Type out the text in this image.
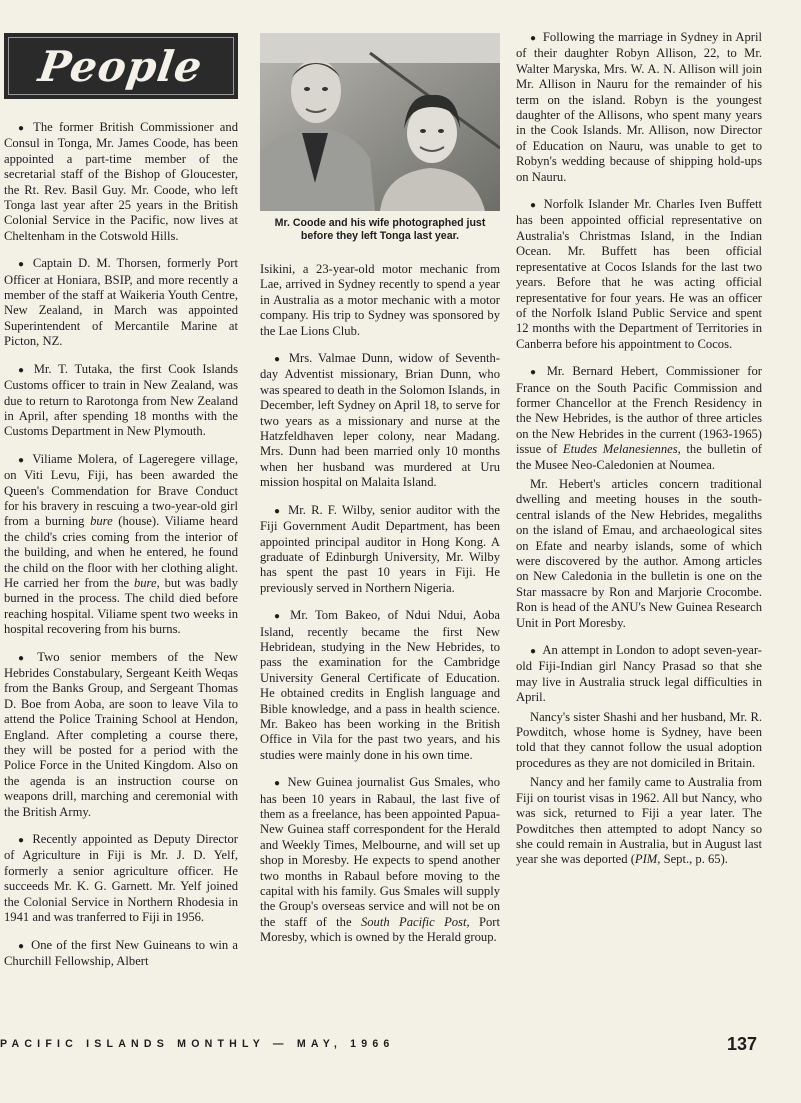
People
Mr. Coode and his wife photographed just before they left Tonga last year.

● The former British Commissioner and Consul in Tonga, Mr. James Coode, has been appointed a part-time member of the secretarial staff of the Bishop of Gloucester, the Rt. Rev. Basil Guy. Mr. Coode, who left Tonga last year after 25 years in the British Colonial Service in the Pacific, now lives at Cheltenham in the Cotswold Hills.

● Captain D. M. Thorsen, formerly Port Officer at Honiara, BSIP, and more recently a member of the staff at Waikeria Youth Centre, New Zealand, in March was appointed Superintendent of Mercantile Marine at Picton, NZ.

● Mr. T. Tutaka, the first Cook Islands Customs officer to train in New Zealand, was due to return to Rarotonga from New Zealand in April, after spending 18 months with the Customs Department in New Plymouth.

● Viliame Molera, of Lageregere village, on Viti Levu, Fiji, has been awarded the Queen's Commendation for Brave Conduct for his bravery in rescuing a two-year-old girl from a burning bure (house). Viliame heard the child's cries coming from the interior of the building, and when he entered, he found the child on the floor with her clothing alight. He carried her from the bure, but was badly burned in the process. The child died before reaching hospital. Viliame spent two weeks in hospital recovering from his burns.

● Two senior members of the New Hebrides Constabulary, Sergeant Keith Weqas from the Banks Group, and Sergeant Thomas D. Boe from Aoba, are soon to leave Vila to attend the Police Training School at Hendon, England. After completing a course there, they will be posted for a period with the Police Force in the United Kingdom. Also on the agenda is an instruction course on weapons drill, marching and ceremonial with the British Army.

● Recently appointed as Deputy Director of Agriculture in Fiji is Mr. J. D. Yelf, formerly a senior agriculture officer. He succeeds Mr. K. G. Garnett. Mr. Yelf joined the Colonial Service in Northern Rhodesia in 1941 and was tranferred to Fiji in 1956.

● One of the first New Guineans to win a Churchill Fellowship, Albert

Isikini, a 23-year-old motor mechanic from Lae, arrived in Sydney recently to spend a year in Australia as a motor mechanic with a motor company. His trip to Sydney was sponsored by the Lae Lions Club.

● Mrs. Valmae Dunn, widow of Seventh-day Adventist missionary, Brian Dunn, who was speared to death in the Solomon Islands, in December, left Sydney on April 18, to serve for two years as a missionary and nurse at the Hatzfeldhaven leper colony, near Madang. Mrs. Dunn had been married only 10 months when her husband was murdered at Uru mission hospital on Malaita Island.

● Mr. R. F. Wilby, senior auditor with the Fiji Government Audit Department, has been appointed principal auditor in Hong Kong. A graduate of Edinburgh University, Mr. Wilby has spent the past 10 years in Fiji. He previously served in Northern Nigeria.

● Mr. Tom Bakeo, of Ndui Ndui, Aoba Island, recently became the first New Hebridean, studying in the New Hebrides, to pass the examination for the Cambridge University General Certificate of Education. He obtained credits in English language and Bible knowledge, and a pass in health science. Mr. Bakeo has been working in the British Office in Vila for the past two years, and his studies were mainly done in his own time.

● New Guinea journalist Gus Smales, who has been 10 years in Rabaul, the last five of them as a freelance, has been appointed Papua-New Guinea staff correspondent for the Herald and Weekly Times, Melbourne, and will set up shop in Moresby. He expects to spend another two months in Rabaul before moving to the capital with his family. Gus Smales will supply the Group's overseas service and will not be on the staff of the South Pacific Post, Port Moresby, which is owned by the Herald group.

● Following the marriage in Sydney in April of their daughter Robyn Allison, 22, to Mr. Walter Maryska, Mrs. W. A. N. Allison will join Mr. Allison in Nauru for the remainder of his term on the island. Robyn is the youngest daughter of the Allisons, who spent many years in the Cook Islands. Mr. Allison, now Director of Education on Nauru, was unable to get to Robyn's wedding because of shipping hold-ups on Nauru.

● Norfolk Islander Mr. Charles Iven Buffett has been appointed official representative on Australia's Christmas Island, in the Indian Ocean. Mr. Buffett has been official representative at Cocos Islands for the last two years. Before that he was acting official representative for four years. He was an officer of the Norfolk Island Public Service and spent 12 months with the Department of Territories in Canberra before his appointment to Cocos.

● Mr. Bernard Hebert, Commissioner for France on the South Pacific Commission and former Chancellor at the French Residency in the New Hebrides, is the author of three articles on the New Hebrides in the current (1963-1965) issue of Etudes Melanesiennes, the bulletin of the Musee Neo-Caledonien at Noumea.

Mr. Hebert's articles concern traditional dwelling and meeting houses in the south-central islands of the New Hebrides, megaliths on the island of Emau, and archaeological sites on Efate and nearby islands, some of which were discovered by the author. Among articles on New Caledonia in the bulletin is one on the Star massacre by Ron and Marjorie Crocombe. Ron is head of the ANU's New Guinea Research Unit in Port Moresby.

● An attempt in London to adopt seven-year-old Fiji-Indian girl Nancy Prasad so that she may live in Australia struck legal difficulties in April.

Nancy's sister Shashi and her husband, Mr. R. Powditch, whose home is Sydney, have been told that they cannot follow the usual adoption procedures as they are not domiciled in Britain.

Nancy and her family came to Australia from Fiji on tourist visas in 1962. All but Nancy, who was sick, returned to Fiji a year later. The Powditches then attempted to adopt Nancy so she could remain in Australia, but in August last year she was deported (PIM, Sept., p. 65).

PACIFIC ISLANDS MONTHLY — MAY, 1966	137
